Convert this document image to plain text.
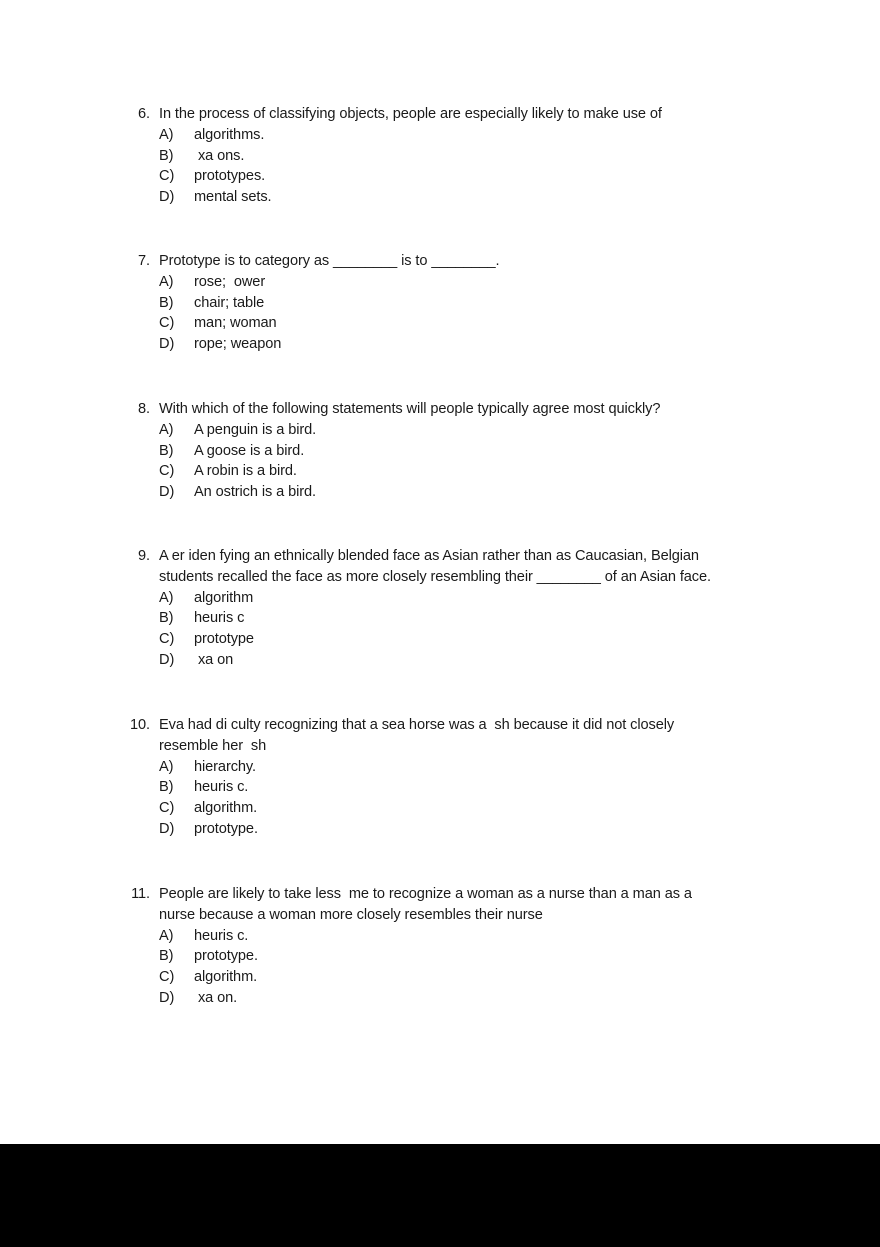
6.

In the process of classifying objects, people are especially likely to make use of

A)

algorithms.

B)

xa ons.

C)

prototypes.

D)

mental sets.

7.

Prototype is to category as ________ is to ________.

A)

rose;  ower

B)

chair; table

C)

man; woman

D)

rope; weapon

8.

With which of the following statements will people typically agree most quickly?

A)

A penguin is a bird.

B)

A goose is a bird.

C)

A robin is a bird.

D)

An ostrich is a bird.

9.

A er iden fying an ethnically blended face as Asian rather than as Caucasian, Belgian

students recalled the face as more closely resembling their ________ of an Asian face.

A)

algorithm

B)

heuris c

C)

prototype

D)

xa on

10.

Eva had di culty recognizing that a sea horse was a  sh because it did not closely

resemble her  sh

A)

hierarchy.

B)

heuris c.

C)

algorithm.

D)

prototype.

11.

People are likely to take less  me to recognize a woman as a nurse than a man as a

nurse because a woman more closely resembles their nurse

A)

heuris c.

B)

prototype.

C)

algorithm.

D)

xa on.
